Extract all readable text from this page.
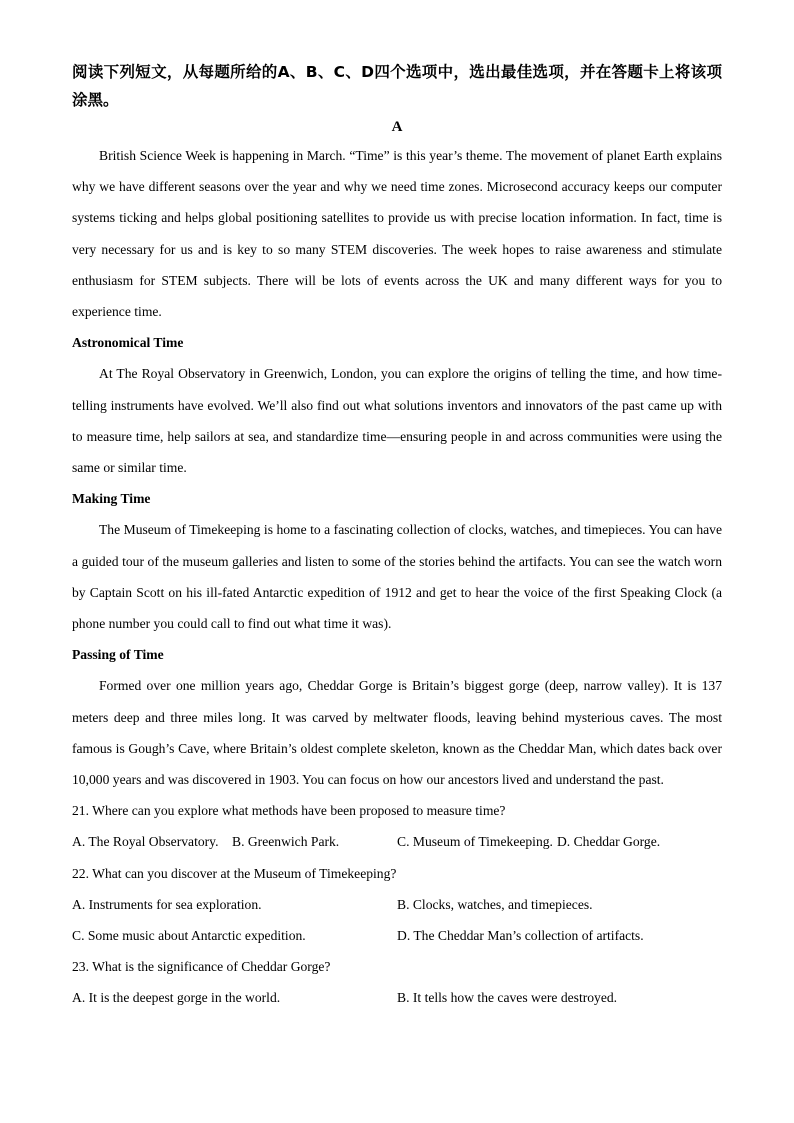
阅读下列短文，从每题所给的A、B、C、D四个选项中，选出最佳选项，并在答题卡上将该项涂黑。

A

British Science Week is happening in March. “Time” is this year’s theme. The movement of planet Earth explains why we have different seasons over the year and why we need time zones. Microsecond accuracy keeps our computer systems ticking and helps global positioning satellites to provide us with precise location information. In fact, time is very necessary for us and is key to so many STEM discoveries. The week hopes to raise awareness and stimulate enthusiasm for STEM subjects. There will be lots of events across the UK and many different ways for you to experience time.

Astronomical Time

At The Royal Observatory in Greenwich, London, you can explore the origins of telling the time, and how time-telling instruments have evolved. We’ll also find out what solutions inventors and innovators of the past came up with to measure time, help sailors at sea, and standardize time—ensuring people in and across communities were using the same or similar time.

Making Time

The Museum of Timekeeping is home to a fascinating collection of clocks, watches, and timepieces. You can have a guided tour of the museum galleries and listen to some of the stories behind the artifacts. You can see the watch worn by Captain Scott on his ill-fated Antarctic expedition of 1912 and get to hear the voice of the first Speaking Clock (a phone number you could call to find out what time it was).

Passing of Time

Formed over one million years ago, Cheddar Gorge is Britain’s biggest gorge (deep, narrow valley). It is 137 meters deep and three miles long. It was carved by meltwater floods, leaving behind mysterious caves. The most famous is Gough’s Cave, where Britain’s oldest complete skeleton, known as the Cheddar Man, which dates back over 10,000 years and was discovered in 1903. You can focus on how our ancestors lived and understand the past.

21. Where can you explore what methods have been proposed to measure time?

A. The Royal Observatory. B. Greenwich Park.	C. Museum of Timekeeping. D. Cheddar Gorge.

22. What can you discover at the Museum of Timekeeping?

A. Instruments for sea exploration.	B. Clocks, watches, and timepieces.
C. Some music about Antarctic expedition.	D. The Cheddar Man’s collection of artifacts.

23. What is the significance of Cheddar Gorge?

A. It is the deepest gorge in the world.	B. It tells how the caves were destroyed.
